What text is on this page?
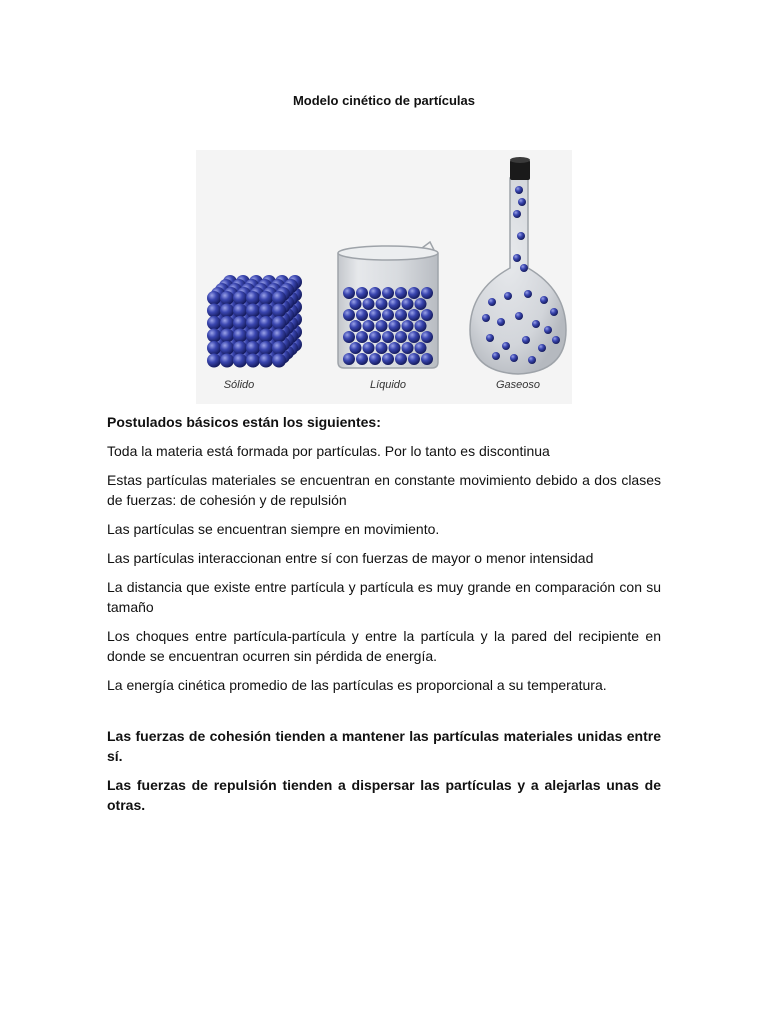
Modelo cinético de partículas
Sólido	Líquido	Gaseoso

Postulados básicos están los siguientes:

Toda la materia está formada por partículas. Por lo tanto es discontinua

Estas partículas materiales se encuentran en constante movimiento debido a dos clases de fuerzas: de cohesión y de repulsión

Las partículas se encuentran siempre en movimiento.

Las partículas interaccionan entre sí con fuerzas de mayor o menor intensidad

La distancia que existe entre partícula y partícula es muy grande en comparación con su tamaño

Los choques entre partícula-partícula y entre la partícula y la pared del recipiente en donde se encuentran ocurren sin pérdida de energía.

La energía cinética promedio de las partículas es proporcional a su temperatura.

Las fuerzas de cohesión tienden a mantener las partículas materiales unidas entre sí.

Las fuerzas de repulsión tienden a dispersar las partículas y a alejarlas unas de otras.
